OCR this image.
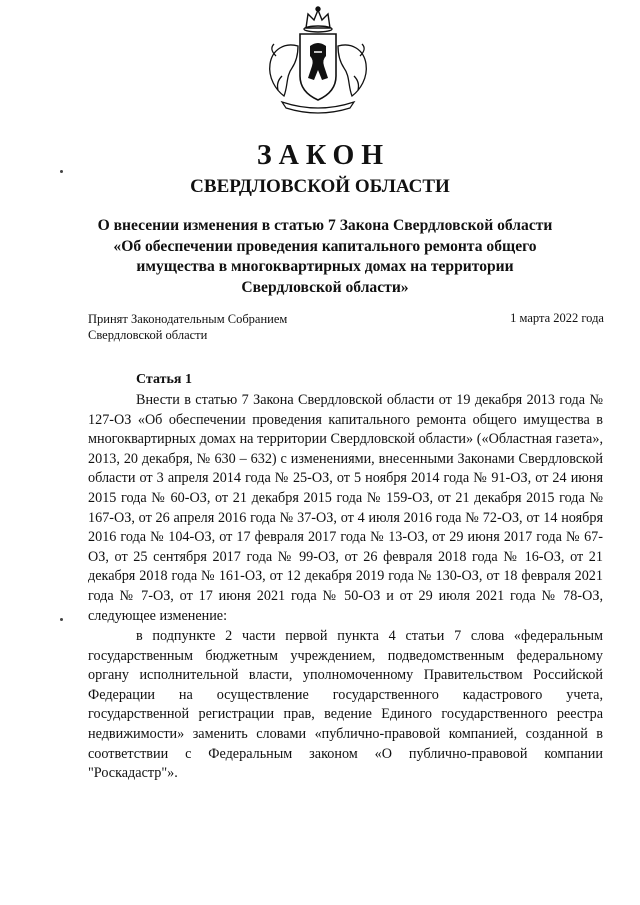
ЗАКОН
СВЕРДЛОВСКОЙ ОБЛАСТИ
О внесении изменения в статью 7 Закона Свердловской области «Об обеспечении проведения капитального ремонта общего имущества в многоквартирных домах на территории Свердловской области»
Принят Законодательным Собранием
Свердловской области
1 марта 2022 года
Статья 1

Внести в статью 7 Закона Свердловской области от 19 декабря 2013 года № 127-ОЗ «Об обеспечении проведения капитального ремонта общего имущества в многоквартирных домах на территории Свердловской области» («Областная газета», 2013, 20 декабря, № 630 – 632) с изменениями, внесенными Законами Свердловской области от 3 апреля 2014 года № 25-ОЗ, от 5 ноября 2014 года № 91-ОЗ, от 24 июня 2015 года № 60-ОЗ, от 21 декабря 2015 года № 159-ОЗ, от 21 декабря 2015 года № 167-ОЗ, от 26 апреля 2016 года № 37-ОЗ, от 4 июля 2016 года № 72-ОЗ, от 14 ноября 2016 года № 104-ОЗ, от 17 февраля 2017 года № 13-ОЗ, от 29 июня 2017 года № 67-ОЗ, от 25 сентября 2017 года № 99-ОЗ, от 26 февраля 2018 года № 16-ОЗ, от 21 декабря 2018 года № 161-ОЗ, от 12 декабря 2019 года № 130-ОЗ, от 18 февраля 2021 года № 7-ОЗ, от 17 июня 2021 года № 50-ОЗ и от 29 июля 2021 года № 78-ОЗ, следующее изменение:

в подпункте 2 части первой пункта 4 статьи 7 слова «федеральным государственным бюджетным учреждением, подведомственным федеральному органу исполнительной власти, уполномоченному Правительством Российской Федерации на осуществление государственного кадастрового учета, государственной регистрации прав, ведение Единого государственного реестра недвижимости» заменить словами «публично-правовой компанией, созданной в соответствии с Федеральным законом «О публично-правовой компании "Роскадастр"».
